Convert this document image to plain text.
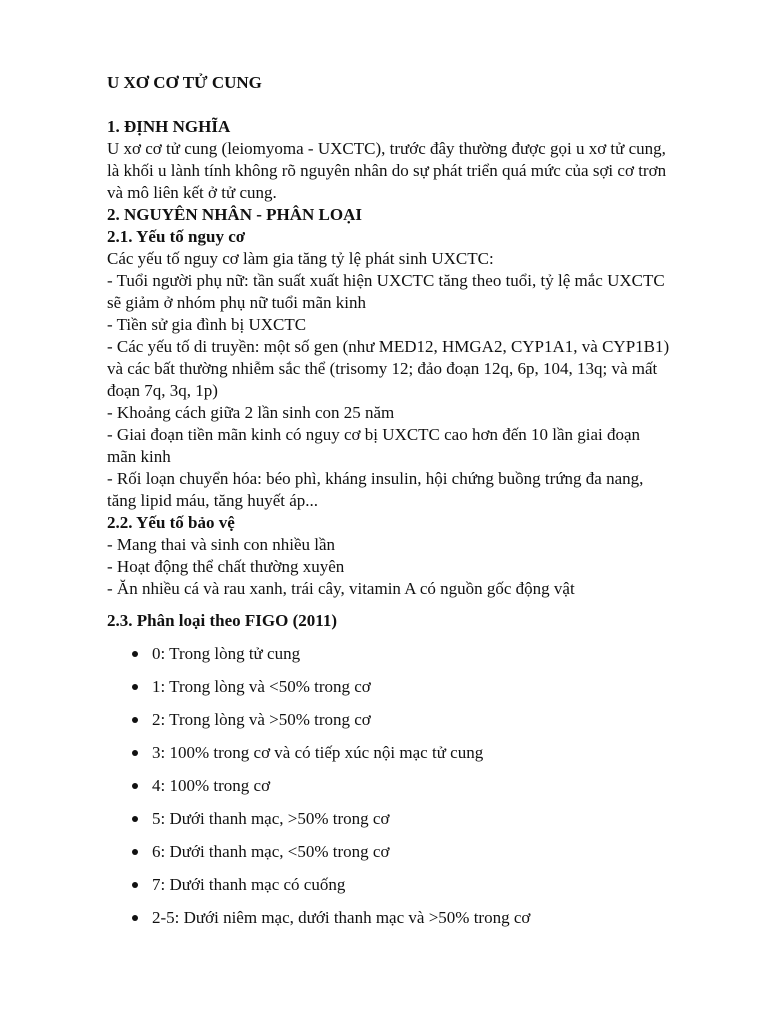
U XƠ CƠ TỬ CUNG
1. ĐỊNH NGHĨA
U xơ cơ tử cung (leiomyoma - UXCTC), trước đây thường được gọi u xơ tử cung,
là khối u lành tính không rõ nguyên nhân do sự phát triển quá mức của sợi cơ trơn
và mô liên kết ở tử cung.
2. NGUYÊN NHÂN - PHÂN LOẠI
2.1. Yếu tố nguy cơ
Các yếu tố nguy cơ làm gia tăng tỷ lệ phát sinh UXCTC:
- Tuổi người phụ nữ: tần suất xuất hiện UXCTC tăng theo tuổi, tỷ lệ mắc UXCTC
sẽ giảm ở nhóm phụ nữ tuổi mãn kinh
- Tiền sử gia đình bị UXCTC
- Các yếu tố di truyền: một số gen (như MED12, HMGA2, CYP1A1, và CYP1B1)
và các bất thường nhiễm sắc thể (trisomy 12; đảo đoạn 12q, 6p, 104, 13q; và mất
đoạn 7q, 3q, 1p)
- Khoảng cách giữa 2 lần sinh con 25 năm
- Giai đoạn tiền mãn kinh có nguy cơ bị UXCTC cao hơn đến 10 lần giai đoạn
mãn kinh
- Rối loạn chuyển hóa: béo phì, kháng insulin, hội chứng buồng trứng đa nang,
tăng lipid máu, tăng huyết áp...
2.2. Yếu tố bảo vệ
- Mang thai và sinh con nhiều lần
- Hoạt động thể chất thường xuyên
- Ăn nhiều cá và rau xanh, trái cây, vitamin A có nguồn gốc động vật
2.3. Phân loại theo FIGO (2011)
0: Trong lòng tử cung
1: Trong lòng và <50% trong cơ
2: Trong lòng và >50% trong cơ
3: 100% trong cơ và có tiếp xúc nội mạc tử cung
4: 100% trong cơ
5: Dưới thanh mạc, >50% trong cơ
6: Dưới thanh mạc, <50% trong cơ
7: Dưới thanh mạc có cuống
2-5: Dưới niêm mạc, dưới thanh mạc và >50% trong cơ
